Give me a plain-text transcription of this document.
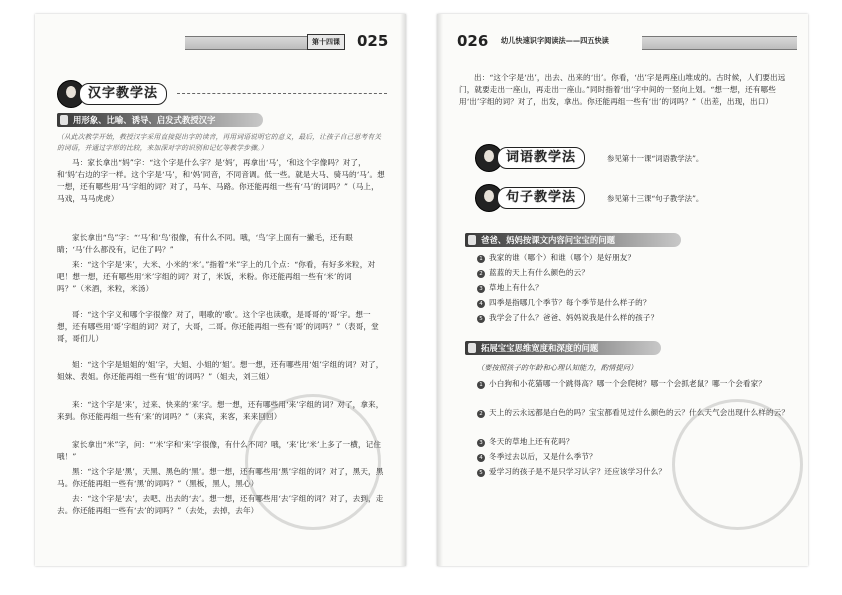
第十四课	025
汉字教学法
用形象、比喻、诱导、启发式教授汉字
（从此次教学开始，教授汉字采用直接提出字的读音，再用词语说明它的意义，最后，让孩子自己思考有关的词语，并通过字形的比较，来加深对字的识别和记忆等教学步骤。）
马：家长拿出“妈”字：“这个字是什么字？是‘妈’，再拿出‘马’，‘和这个字像吗？对了，和‘妈’右边的字一样。这个字是‘马’，和‘妈’同音，不同音调。低一些。就是大马、骑马的‘马’。想一想，还有哪些用‘马’字组的词？对了，马车、马路。你还能再组一些有‘马’的词吗？”（马上，马戏，马马虎虎）
家长拿出“鸟”字：“‘马’和‘鸟’很像，有什么不同。哦，‘鸟’字上面有一撇毛，还有眼睛；‘马’什么都没有，记住了吗？”
来：“这个字是‘来’，大米、小米的‘米’。”指着“米”字上的几个点：“你看，有好多米粒，对吧！想一想，还有哪些用‘米’字组的词？对了，米饭，米粉。你还能再组一些有‘米’的词吗？”（米酒，米粒，米汤）
哥：“这个字义和哪个字很像？对了，唱歌的‘歌’。这个字也读歌，是哥哥的‘哥’字。想一想，还有哪些用‘哥’字组的词？对了，大哥，二哥。你还能再组一些有‘哥’的词吗？”（表哥，堂哥，哥们儿）
姐：“这个字是姐姐的‘姐’字，大姐、小姐的‘姐’。想一想，还有哪些用‘姐’字组的词？对了，姐妹、表姐。你还能再组一些有‘姐’的词吗？”（姐夫，刘三姐）
来：“这个字是‘来’，过来、快来的‘来’字。想一想，还有哪些用‘来’字组的词？对了，拿来，来到。你还能再组一些有‘来’的词吗？”（来宾，来客，来来回回）
家长拿出“米”字，问：“‘米’字和‘来’字很像，有什么不同？哦，‘来’比‘米’上多了一横，记住哦！”
黑：“这个字是‘黑’，天黑、黑色的‘黑’。想一想，还有哪些用‘黑’字组的词？对了，黑天，黑马。你还能再组一些有‘黑’的词吗？”（黑板，黑人，黑心）
去：“这个字是‘去’，去吧、出去的‘去’。想一想，还有哪些用‘去’字组的词？对了，去到，走去。你还能再组一些有‘去’的词吗？”（去处，去掉，去年）
026	幼儿快速识字阅读法——四五快读
出：“这个字是‘出’，出去、出来的‘出’。你看，‘出’字是两座山堆成的。古时候，人们要出远门，就要走出一座山，再走出一座山。”同时指着‘出’字中间的一竖向上划。“想一想，还有哪些用‘出’字组的词？对了，出发，拿出。你还能再组一些有‘出’的词吗？”（出差，出现，出口）
词语教学法	参见第十一课“词语教学法”。
句子教学法	参见第十三课“句子教学法”。
爸爸、妈妈按课文内容问宝宝的问题
1 我家的谁（哪个）和谁（哪个）是好朋友？
2 蓝蓝的天上有什么颜色的云？
3 草地上有什么？
4 四季是指哪几个季节？每个季节是什么样子的？
5 我学会了什么？爸爸、妈妈说我是什么样的孩子？
拓展宝宝思维宽度和深度的问题
（要按照孩子的年龄和心理认知能力，酌情提问）
1 小白狗和小花猫哪一个跳得高？哪一个会爬树？哪一个会抓老鼠？哪一个会看家？
2 天上的云永远都是白色的吗？宝宝都看见过什么颜色的云？什么天气会出现什么样的云？
3 冬天的草地上还有花吗？
4 冬季过去以后，又是什么季节？
5 爱学习的孩子是不是只学习认字？还应该学习什么？
